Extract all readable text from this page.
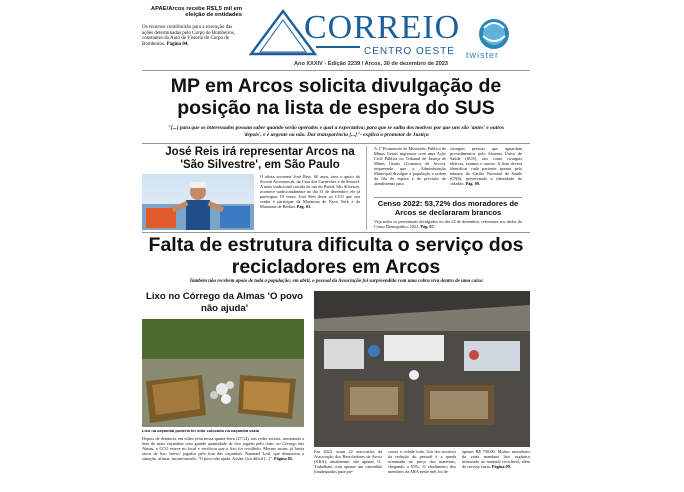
APAE/Arcos recebe R$1,5 mil em eleição de entidades
Os recursos contribuirão para a execução das ações determinadas pelo Corpo de Bombeiros, constantes do Auto de Vistoria do Corpo de Bombeiros. Página 04.	CORREIO
CENTRO OESTE
Ano XXXIV - Edição 2239 / Arcos, 30 de dezembro de 2023
twister
MP em Arcos solicita divulgação de posição na lista de espera do SUS
"[...] para que os interessados possam saber quando serão operados e qual a expectativa; para que se saiba dos motivos por que uns são 'antes' e outros 'depois', e é urgente ou não. Dar transparência [...]"- explica o promotor de Justiça
José Reis irá representar Arcos na 'São Silvestre', em São Paulo
O atleta arcoense José Reis, 60 anos, tem o apoio do Sicoob Arcomercab, da Casa dos Carneches e da Semcef. A mais tradicional corrida de rua do Brasil, São Silvestre, acontece tradicionalmente no dia 31 de dezembro; ele já participou 19 vezes. José Reis disse ao CCO que seu sonho é participar da Maratona de Nova York e da Maratona de Berlim. Pág. 03.
A 1ª Promotoria de Ministério Público de Minas Gerais ingressou com uma Ação Civil Pública no Tribunal de Justiça de Minas Gerais (Comarca de Arcos), requerendo que a Administração Municipal divulgue à população a ordem da fila de espera e de previsão de atendimento para
cirurgias pessoas que aguardam procedimentos pelo Sistema Único de Saúde (SUS), tais como cirurgias eletivas, exames e outros. A lista deverá identificar cada paciente apenas pelo número do Cartão Nacional de Saúde (CNS), preservando a identidade do cidadão. Pág. 08.
Censo 2022: 53,72% dos moradores de Arcos se declararam brancos
Veja todos os percentuais divulgados no dia 22 de dezembro, referentes aos dados do Censo Demográfico 2022. Pág. 07.
Falta de estrutura dificulta o serviço dos recicladores em Arcos
Também não recebem apoio de toda a população; em abril, o pessoal da Associação foi surpreendido com uma cobra viva dentro de uma caixa
Lixo no Córrego da Almas 'O povo não ajuda'
Lixo na caçamba poderia ter sido colocado na caçamba vazia
Depois de denúncia em vídeo feita nessa quarta-feira (27/12), nas redes sociais, mostrando a área do mais caçambas com grande quantidade de lixo jogado pelo chão, no Córrego das Almas, o CCO esteve no local e verificou que o lixo foi recolhido. Mesmo assim, já havia sacos de lixo 'novos' jogados pelo fora das caçambas. Natanael Leal, que denunciou a situação, afirma, inconformado: "O povo não ajuda. Assim, fica difícil [...]". Página 05.
Em 2023, eram 22 associados da Associação dos Recicladores de Arcos (ARA); atualmente, são apenas 11. Trabalham com apenas um caminhão (inadequados para pre-
correr a cidade toda. Um dos motivos da redução do pessoal é a queda acentuada no preço dos materiais, chegando a 65%. O rendimento dos membros da ARA neste mês foi de
apenas R$ 750,00. Muitos moradores da zona mandam lixo orgânico misturado ao material reciclável, além de cerveja vazia. Página 09.
